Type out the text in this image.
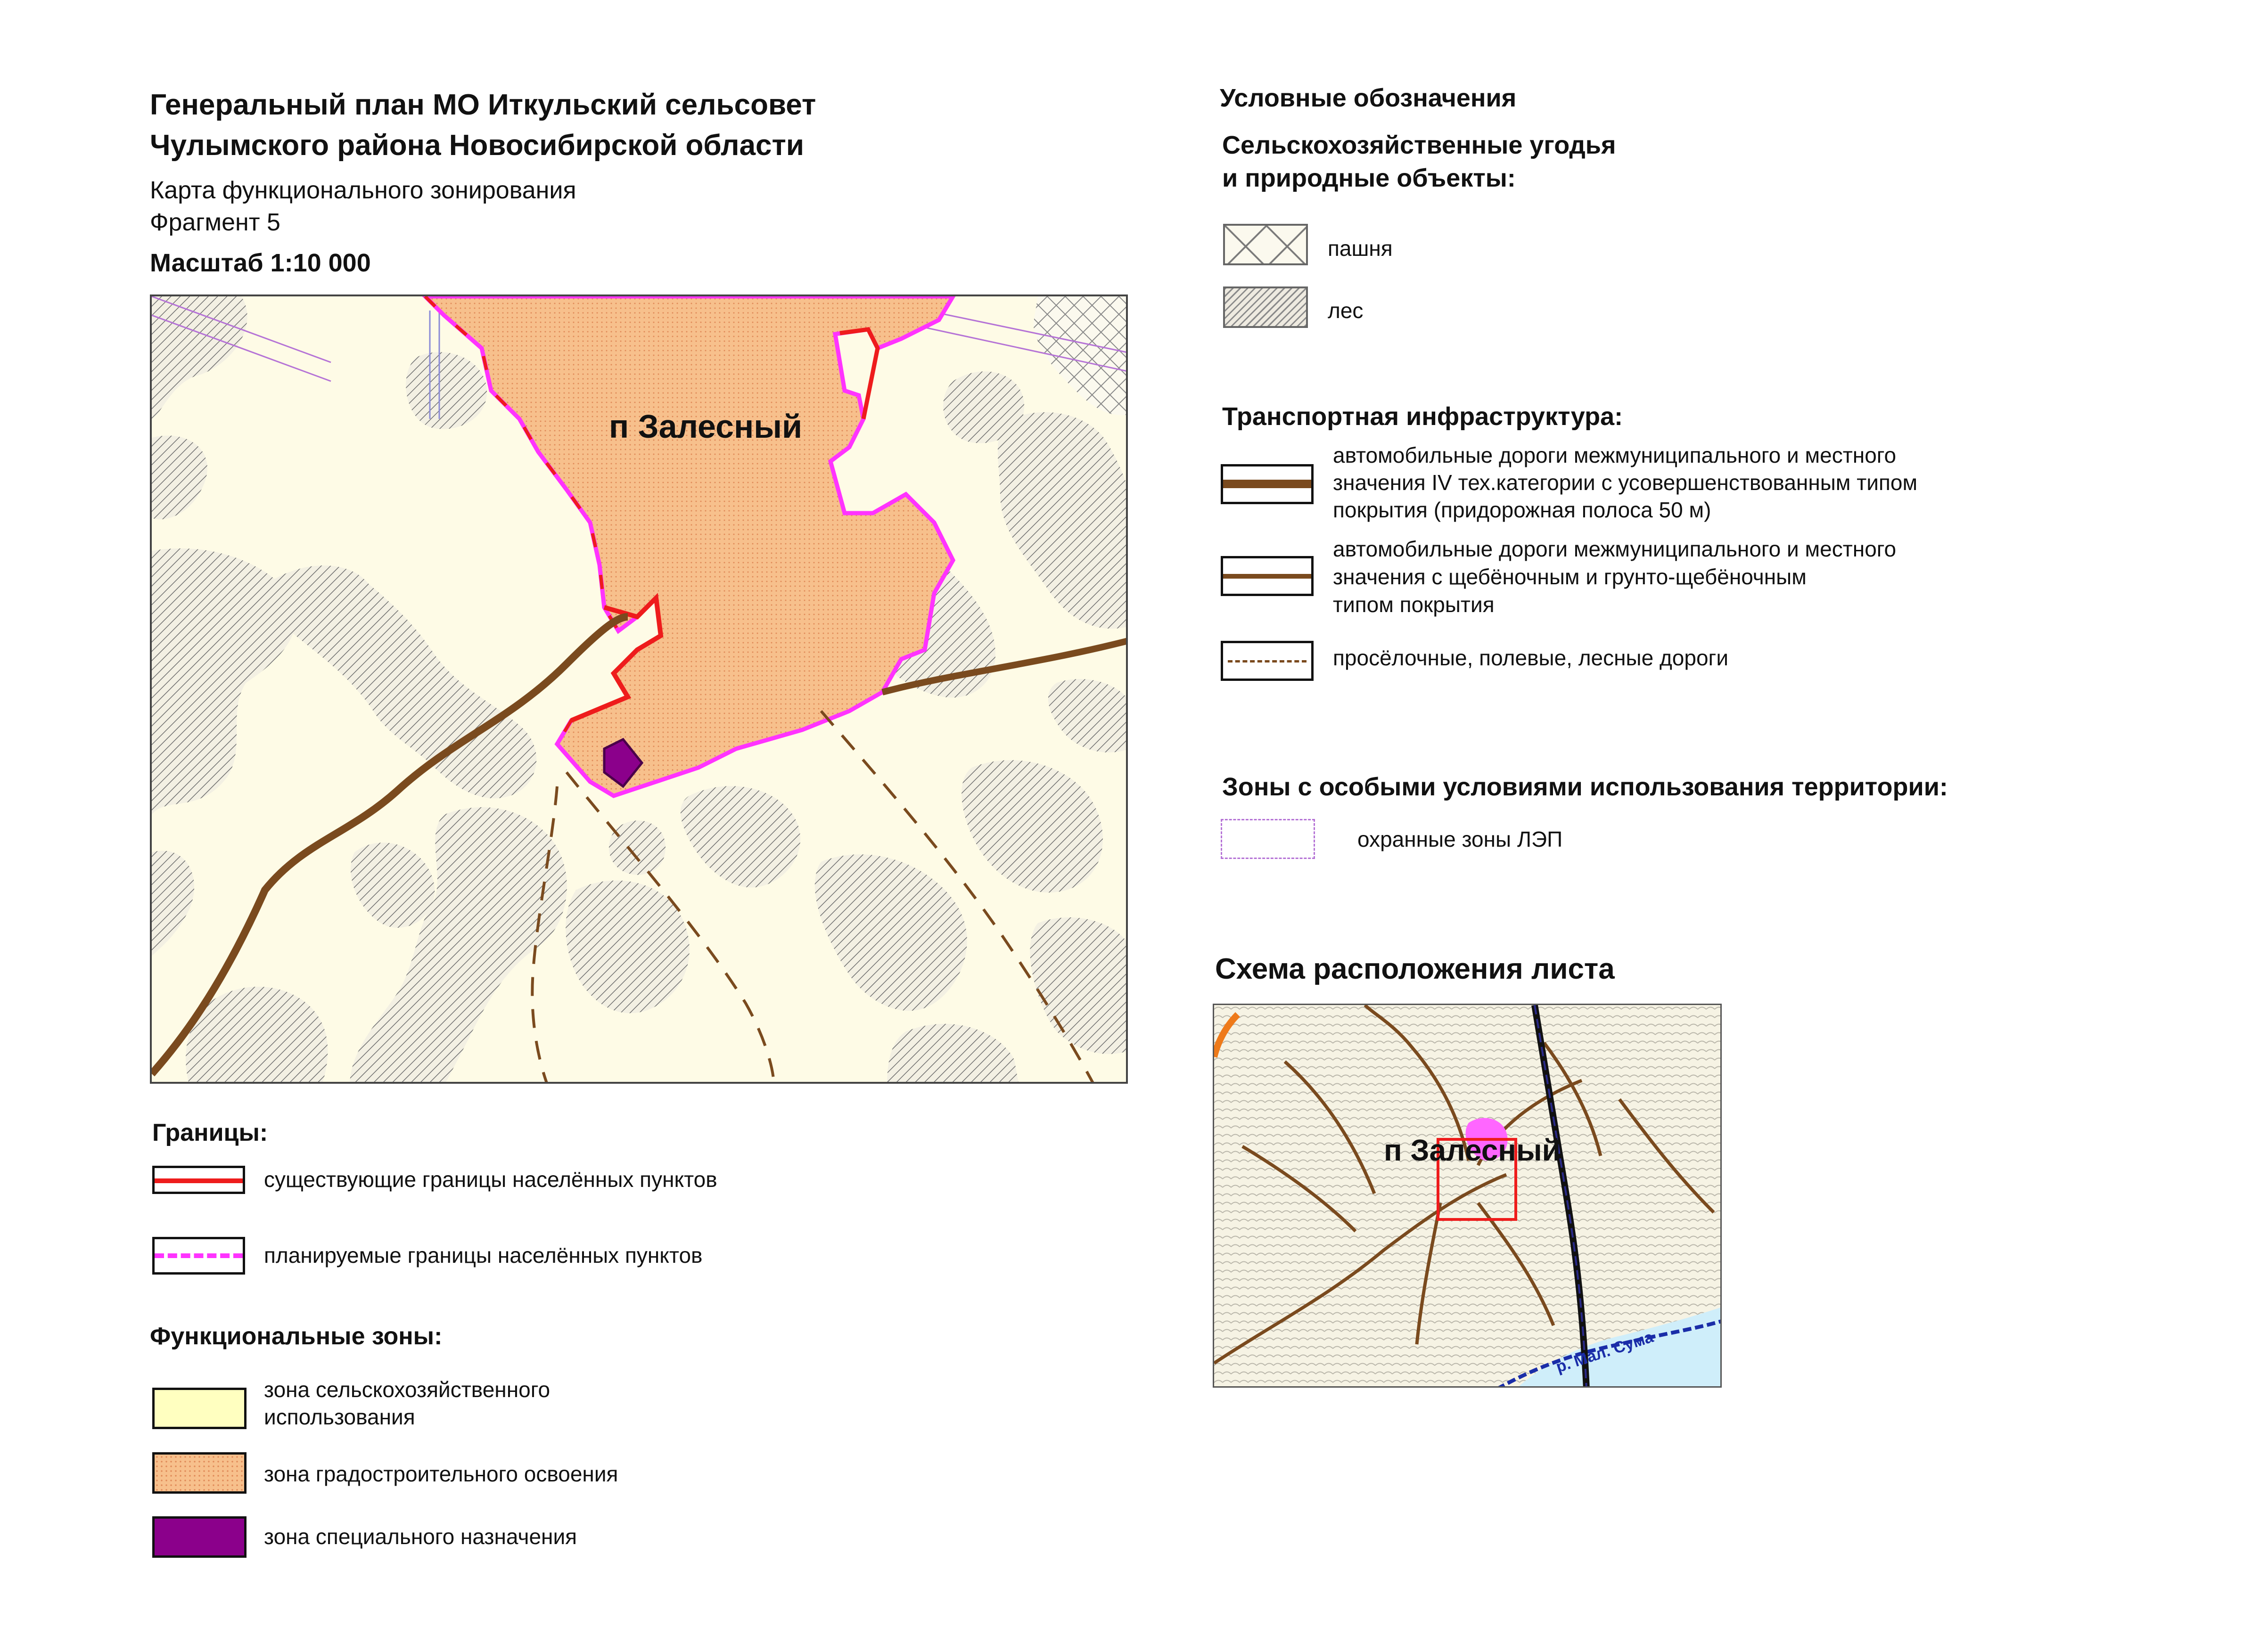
Генеральный план МО Иткульский сельсовет
Чулымского района Новосибирской области
Карта функционального зонирования
Фрагмент 5
Масштаб 1:10 000
п Залесный
Границы:
существующие границы населённых пунктов
планируемые границы населённых пунктов
Функциональные зоны:
зона сельскохозяйственного
использования
зона градостроительного освоения
зона специального назначения
Условные обозначения
Сельскохозяйственные угодья
и природные объекты:
пашня
лес
Транспортная инфраструктура:
автомобильные дороги межмуниципального и местного
значения IV тех.категории с усовершенствованным типом
покрытия (придорожная полоса 50 м)
автомобильные дороги межмуниципального и местного
значения с щебёночным и грунто-щебёночным
типом покрытия
просёлочные, полевые, лесные дороги
Зоны с особыми условиями использования территории:
охранные зоны ЛЭП
Схема расположения листа
п Залесный
р. Мал. Сума
